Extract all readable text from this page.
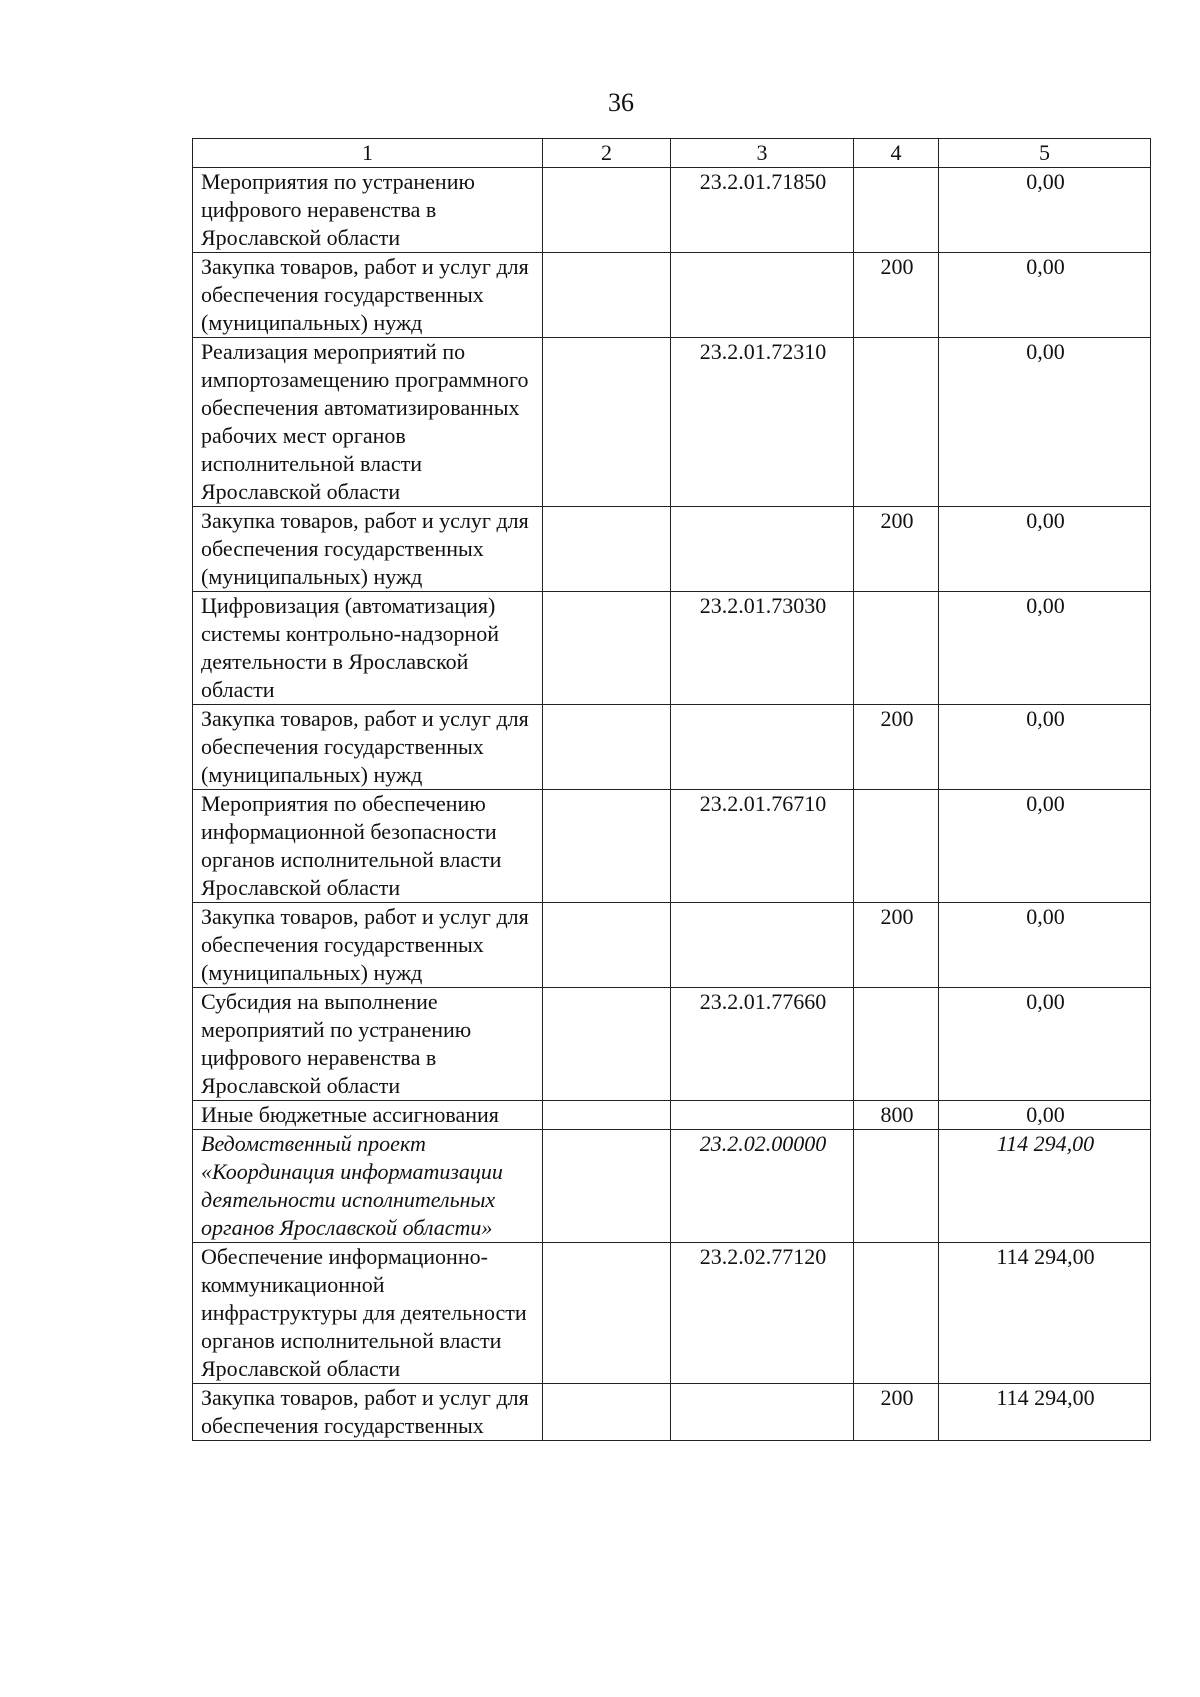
36
1	2	3	4	5
Мероприятия по устранению цифрового неравенства в Ярославской области		23.2.01.71850		0,00
Закупка товаров, работ и услуг для обеспечения государственных (муниципальных) нужд			200	0,00
Реализация мероприятий по импортозамещению программного обеспечения автоматизированных рабочих мест органов исполнительной власти Ярославской области		23.2.01.72310		0,00
Закупка товаров, работ и услуг для обеспечения государственных (муниципальных) нужд			200	0,00
Цифровизация (автоматизация) системы контрольно-надзорной деятельности в Ярославской области		23.2.01.73030		0,00
Закупка товаров, работ и услуг для обеспечения государственных (муниципальных) нужд			200	0,00
Мероприятия по обеспечению информационной безопасности органов исполнительной власти Ярославской области		23.2.01.76710		0,00
Закупка товаров, работ и услуг для обеспечения государственных (муниципальных) нужд			200	0,00
Субсидия на выполнение мероприятий по устранению цифрового неравенства в Ярославской области		23.2.01.77660		0,00
Иные бюджетные ассигнования			800	0,00
Ведомственный проект «Координация информатизации деятельности исполнительных органов Ярославской области»		23.2.02.00000		114 294,00
Обеспечение информационно-коммуникационной инфраструктуры для деятельности органов исполнительной власти Ярославской области		23.2.02.77120		114 294,00
Закупка товаров, работ и услуг для обеспечения государственных			200	114 294,00
